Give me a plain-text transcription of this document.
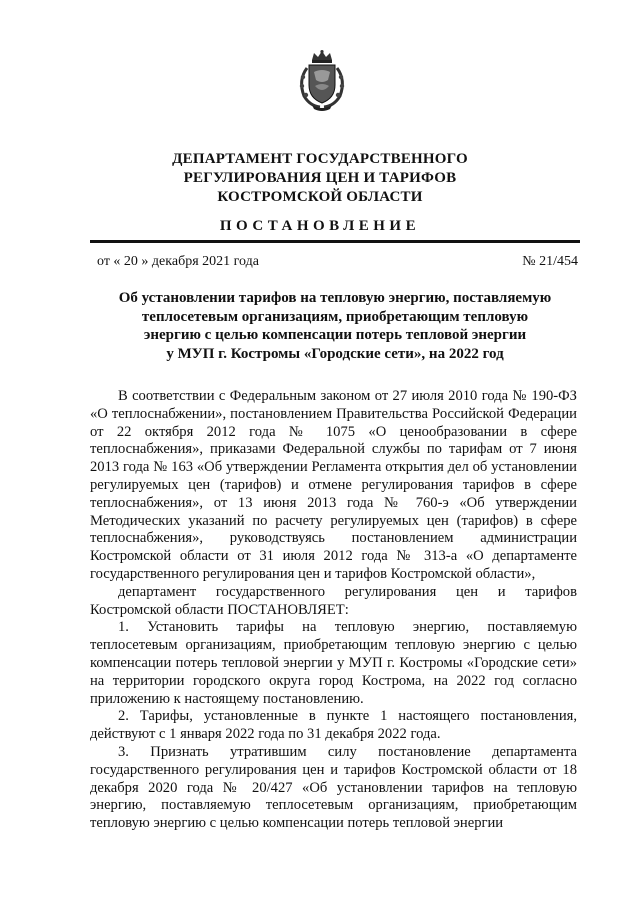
ДЕПАРТАМЕНТ ГОСУДАРСТВЕННОГО
РЕГУЛИРОВАНИЯ ЦЕН И ТАРИФОВ
КОСТРОМСКОЙ ОБЛАСТИ
ПОСТАНОВЛЕНИЕ
от « 20 » декабря 2021 года	№ 21/454
Об установлении тарифов на тепловую энергию, поставляемую
теплосетевым организациям, приобретающим тепловую
энергию с целью компенсации потерь тепловой энергии
у МУП г. Костромы «Городские сети», на 2022 год

В соответствии с Федеральным законом от 27 июля 2010 года № 190-ФЗ «О теплоснабжении», постановлением Правительства Российской Федерации от 22 октября 2012 года № 1075 «О ценообразовании в сфере теплоснабжения», приказами Федеральной службы по тарифам от 7 июня 2013 года № 163 «Об утверждении Регламента открытия дел об установлении регулируемых цен (тарифов) и отмене регулирования тарифов в сфере теплоснабжения», от 13 июня 2013 года № 760-э «Об утверждении Методических указаний по расчету регулируемых цен (тарифов) в сфере теплоснабжения», руководствуясь постановлением администрации Костромской области от 31 июля 2012 года № 313-а «О департаменте государственного регулирования цен и тарифов Костромской области»,

департамент государственного регулирования цен и тарифов Костромской области ПОСТАНОВЛЯЕТ:

1. Установить тарифы на тепловую энергию, поставляемую теплосетевым организациям, приобретающим тепловую энергию с целью компенсации потерь тепловой энергии у МУП г. Костромы «Городские сети» на территории городского округа город Кострома, на 2022 год согласно приложению к настоящему постановлению.

2. Тарифы, установленные в пункте 1 настоящего постановления, действуют с 1 января 2022 года по 31 декабря 2022 года.

3. Признать утратившим силу постановление департамента государственного регулирования цен и тарифов Костромской области от 18 декабря 2020 года № 20/427 «Об установлении тарифов на тепловую энергию, поставляемую теплосетевым организациям, приобретающим тепловую энергию с целью компенсации потерь тепловой энергии
